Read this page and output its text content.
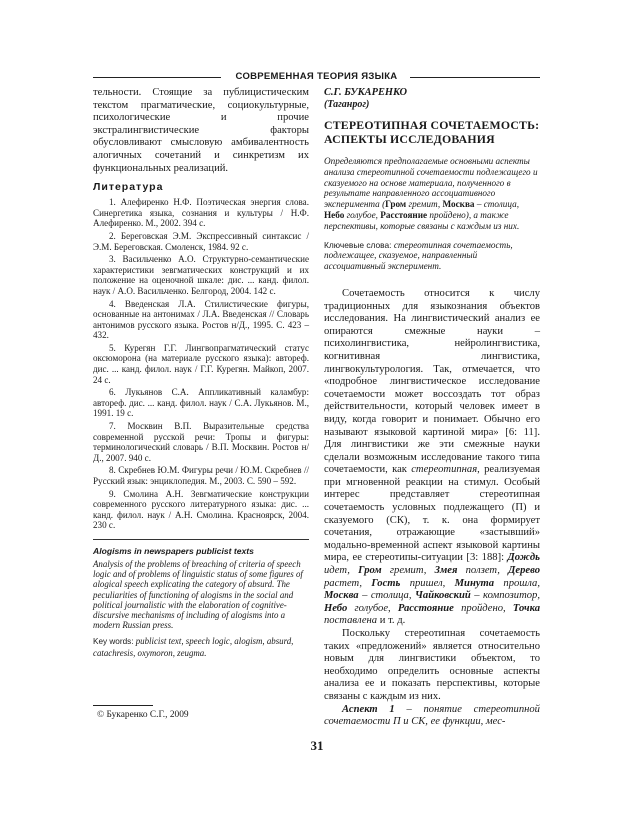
СОВРЕМЕННАЯ ТЕОРИЯ ЯЗЫКА

тельности. Стоящие за публицистическим текстом прагматические, социокультурные, психологические и прочие экстралингвистические факторы обусловливают смысловую амбивалентность алогичных сочетаний и синкретизм их функциональных реализаций.

Литература
1. Алефиренко Н.Ф. Поэтическая энергия слова. Синергетика языка, сознания и культуры / Н.Ф. Алефиренко. М., 2002. 394 с.
2. Береговская Э.М. Экспрессивный синтаксис / Э.М. Береговская. Смоленск, 1984. 92 с.
3. Васильченко А.О. Структурно-семантические характеристики зевгматических конструкций и их положение на оценочной шкале: дис. ... канд. филол. наук / А.О. Васильченко. Белгород, 2004. 142 с.
4. Введенская Л.А. Стилистические фигуры, основанные на антонимах / Л.А. Введенская // Словарь антонимов русского языка. Ростов н/Д., 1995. С. 423 – 432.
5. Курегян Г.Г. Лингвопрагматический статус оксюморона (на материале русского языка): автореф. дис. ... канд. филол. наук / Г.Г. Курегян. Майкоп, 2007. 24 с.
6. Лукьянов С.А. Аппликативный каламбур: автореф. дис. ... канд. филол. наук / С.А. Лукьянов. М., 1991. 19 с.
7. Москвин В.П. Выразительные средства современной русской речи: Тропы и фигуры: терминологический словарь / В.П. Москвин. Ростов н/Д., 2007. 940 с.
8. Скребнев Ю.М. Фигуры речи / Ю.М. Скребнев // Русский язык: энциклопедия. М., 2003. С. 590 – 592.
9. Смолина А.Н. Зевгматические конструкции современного русского литературного языка: дис. ... канд. филол. наук / А.Н. Смолина. Красноярск, 2004. 230 с.

Alogisms in newspapers publicist texts

Analysis of the problems of breaching of criteria of speech logic and of problems of linguistic status of some figures of alogical speech explicating the category of absurd. The peculiarities of functioning of alogisms in the social and political journalistic with the elaboration of cognitive-discursive mechanisms of including of alogisms into a modern Russian press.

Key words: publicist text, speech logic, alogism, absurd, catachresis, oxymoron, zeugma.

С.Г. БУКАРЕНКО

(Таганрог)

СТЕРЕОТИПНАЯ СОЧЕТАЕМОСТЬ:
АСПЕКТЫ ИССЛЕДОВАНИЯ

Определяются предполагаемые основными аспекты анализа стереотипной сочетаемости подлежащего и сказуемого на основе материала, полученного в результате направленного ассоциативного эксперимента (Гром гремит, Москва – столица, Небо голубое, Расстояние пройдено), а также перспективы, которые связаны с каждым из них.

Ключевые слова: стереотипная сочетаемость, подлежащее, сказуемое, направленный ассоциативный эксперимент.

Сочетаемость относится к числу традиционных для языкознания объектов исследования. На лингвистический анализ ее опираются смежные науки – психолингвистика, нейролингвистика, когнитивная лингвистика, лингвокультурология. Так, отмечается, что «подробное лингвистическое исследование сочетаемости может воссоздать тот образ действительности, который человек имеет в виду, когда говорит и понимает. Обычно его называют языковой картиной мира» [6: 11]. Для лингвистики же эти смежные науки сделали возможным исследование такого типа сочетаемости, как стереотипная, реализуемая при мгновенной реакции на стимул. Особый интерес представляет стереотипная сочетаемость условных подлежащего (П) и сказуемого (СК), т. к. она формирует сочетания, отражающие «застывший» модально-временной аспект языковой картины мира, ее стереотипы-ситуации [3: 188]: Дождь идет, Гром гремит, Змея ползет, Дерево растет, Гость пришел, Минута прошла, Москва – столица, Чайковский – композитор, Небо голубое, Расстояние пройдено, Точка поставлена и т. д.

Поскольку стереотипная сочетаемость таких «предложений» является относительно новым для лингвистики объектом, то необходимо определить основные аспекты анализа ее и показать перспективы, которые связаны с каждым из них.

Аспект 1 – понятие стереотипной сочетаемости П и СК, ее функции, мес-

© Букаренко С.Г., 2009
31
